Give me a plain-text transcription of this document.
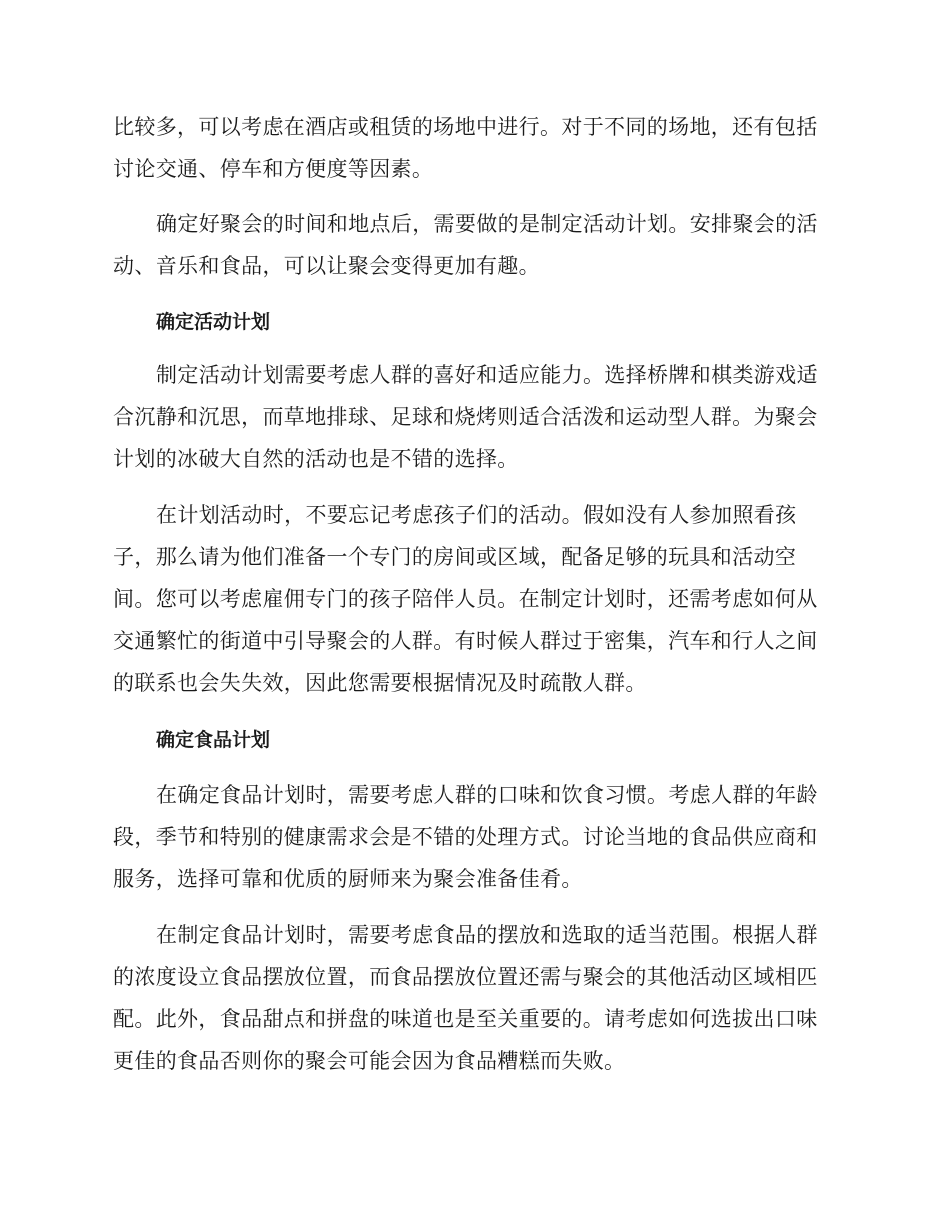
比较多，可以考虑在酒店或租赁的场地中进行。对于不同的场地，还有包括
讨论交通、停车和方便度等因素。
确定好聚会的时间和地点后，需要做的是制定活动计划。安排聚会的活
动、音乐和食品，可以让聚会变得更加有趣。
确定活动计划
制定活动计划需要考虑人群的喜好和适应能力。选择桥牌和棋类游戏适
合沉静和沉思，而草地排球、足球和烧烤则适合活泼和运动型人群。为聚会
计划的冰破大自然的活动也是不错的选择。
在计划活动时，不要忘记考虑孩子们的活动。假如没有人参加照看孩
子，那么请为他们准备一个专门的房间或区域，配备足够的玩具和活动空
间。您可以考虑雇佣专门的孩子陪伴人员。在制定计划时，还需考虑如何从
交通繁忙的街道中引导聚会的人群。有时候人群过于密集，汽车和行人之间
的联系也会失失效，因此您需要根据情况及时疏散人群。
确定食品计划
在确定食品计划时，需要考虑人群的口味和饮食习惯。考虑人群的年龄
段，季节和特别的健康需求会是不错的处理方式。讨论当地的食品供应商和
服务，选择可靠和优质的厨师来为聚会准备佳肴。
在制定食品计划时，需要考虑食品的摆放和选取的适当范围。根据人群
的浓度设立食品摆放位置，而食品摆放位置还需与聚会的其他活动区域相匹
配。此外，食品甜点和拼盘的味道也是至关重要的。请考虑如何选拔出口味
更佳的食品否则你的聚会可能会因为食品糟糕而失败。
